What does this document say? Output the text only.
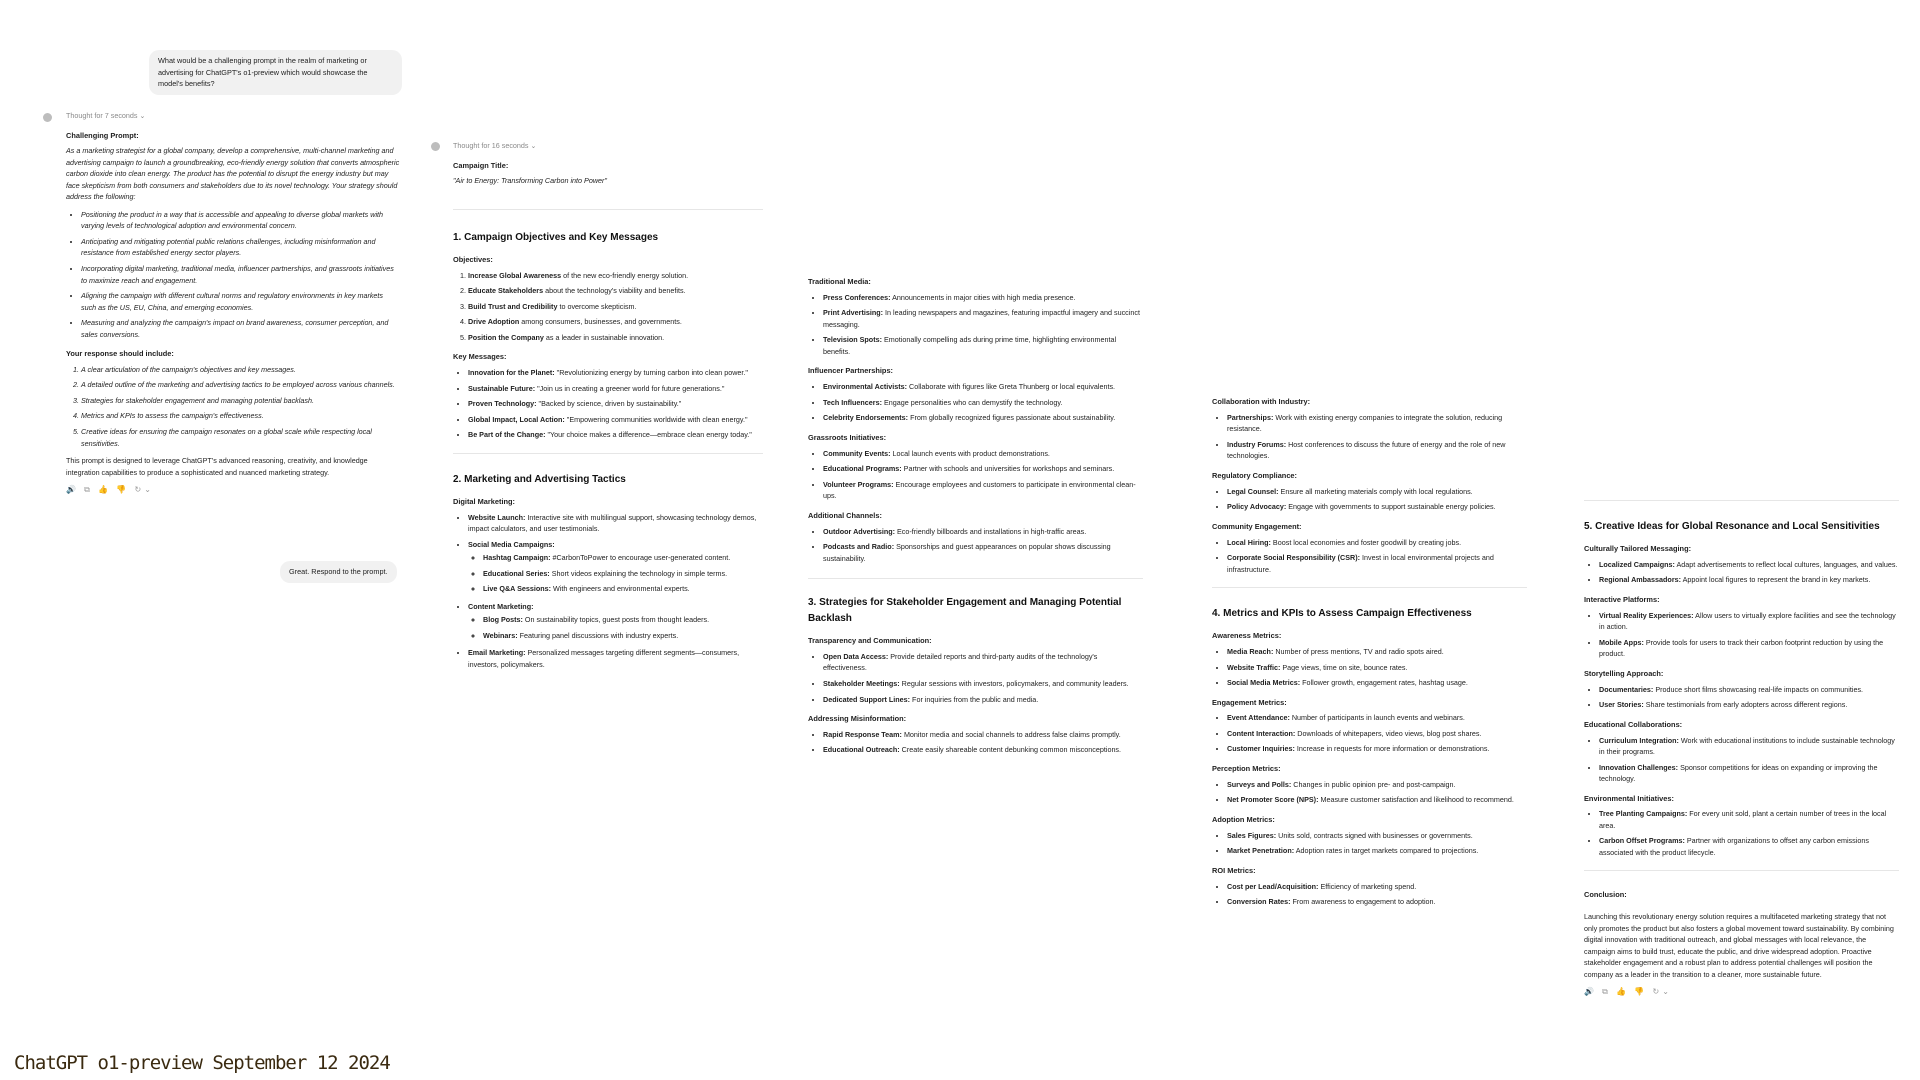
What would be a challenging prompt in the realm of marketing or advertising for ChatGPT's o1-preview which would showcase the model's benefits?
Thought for 7 seconds ⌄
Challenging Prompt:

As a marketing strategist for a global company, develop a comprehensive, multi-channel marketing and advertising campaign to launch a groundbreaking, eco-friendly energy solution that converts atmospheric carbon dioxide into clean energy. The product has the potential to disrupt the energy industry but may face skepticism from both consumers and stakeholders due to its novel technology. Your strategy should address the following:

• Positioning the product in a way that is accessible and appealing to diverse global markets with varying levels of technological adoption and environmental concern.
• Anticipating and mitigating potential public relations challenges, including misinformation and resistance from established energy sector players.
• Incorporating digital marketing, traditional media, influencer partnerships, and grassroots initiatives to maximize reach and engagement.
• Aligning the campaign with different cultural norms and regulatory environments in key markets such as the US, EU, China, and emerging economies.
• Measuring and analyzing the campaign's impact on brand awareness, consumer perception, and sales conversions.
Your response should include:
1. A clear articulation of the campaign's objectives and key messages.
2. A detailed outline of the marketing and advertising tactics to be employed across various channels.
3. Strategies for stakeholder engagement and managing potential backlash.
4. Metrics and KPIs to assess the campaign's effectiveness.
5. Creative ideas for ensuring the campaign resonates on a global scale while respecting local sensitivities.

This prompt is designed to leverage ChatGPT's advanced reasoning, creativity, and knowledge integration capabilities to produce a sophisticated and nuanced marketing strategy.

🔊 ⧉ 👍 👎 ↻⌄
Great. Respond to the prompt.
Thought for 16 seconds ⌄
Campaign Title:
"Air to Energy: Transforming Carbon into Power"
1. Campaign Objectives and Key Messages
Objectives:
1. Increase Global Awareness of the new eco-friendly energy solution.
2. Educate Stakeholders about the technology's viability and benefits.
3. Build Trust and Credibility to overcome skepticism.
4. Drive Adoption among consumers, businesses, and governments.
5. Position the Company as a leader in sustainable innovation.
Key Messages:
• Innovation for the Planet: "Revolutionizing energy by turning carbon into clean power."
• Sustainable Future: "Join us in creating a greener world for future generations."
• Proven Technology: "Backed by science, driven by sustainability."
• Global Impact, Local Action: "Empowering communities worldwide with clean energy."
• Be Part of the Change: "Your choice makes a difference—embrace clean energy today."
2. Marketing and Advertising Tactics
Digital Marketing:
• Website Launch: Interactive site with multilingual support, showcasing technology demos, impact calculators, and user testimonials.
• Social Media Campaigns:
◦ Hashtag Campaign: #CarbonToPower to encourage user-generated content.
◦ Educational Series: Short videos explaining the technology in simple terms.
◦ Live Q&A Sessions: With engineers and environmental experts.
• Content Marketing:
◦ Blog Posts: On sustainability topics, guest posts from thought leaders.
◦ Webinars: Featuring panel discussions with industry experts.
• Email Marketing: Personalized messages targeting different segments—consumers, investors, policymakers.
Traditional Media:
• Press Conferences: Announcements in major cities with high media presence.
• Print Advertising: In leading newspapers and magazines, featuring impactful imagery and succinct messaging.
• Television Spots: Emotionally compelling ads during prime time, highlighting environmental benefits.
Influencer Partnerships:
• Environmental Activists: Collaborate with figures like Greta Thunberg or local equivalents.
• Tech Influencers: Engage personalities who can demystify the technology.
• Celebrity Endorsements: From globally recognized figures passionate about sustainability.
Grassroots Initiatives:
• Community Events: Local launch events with product demonstrations.
• Educational Programs: Partner with schools and universities for workshops and seminars.
• Volunteer Programs: Encourage employees and customers to participate in environmental clean-ups.
Additional Channels:
• Outdoor Advertising: Eco-friendly billboards and installations in high-traffic areas.
• Podcasts and Radio: Sponsorships and guest appearances on popular shows discussing sustainability.
3. Strategies for Stakeholder Engagement and Managing Potential Backlash
Transparency and Communication:
• Open Data Access: Provide detailed reports and third-party audits of the technology's effectiveness.
• Stakeholder Meetings: Regular sessions with investors, policymakers, and community leaders.
• Dedicated Support Lines: For inquiries from the public and media.
Addressing Misinformation:
• Rapid Response Team: Monitor media and social channels to address false claims promptly.
• Educational Outreach: Create easily shareable content debunking common misconceptions.
Collaboration with Industry:
• Partnerships: Work with existing energy companies to integrate the solution, reducing resistance.
• Industry Forums: Host conferences to discuss the future of energy and the role of new technologies.
Regulatory Compliance:
• Legal Counsel: Ensure all marketing materials comply with local regulations.
• Policy Advocacy: Engage with governments to support sustainable energy policies.
Community Engagement:
• Local Hiring: Boost local economies and foster goodwill by creating jobs.
• Corporate Social Responsibility (CSR): Invest in local environmental projects and infrastructure.
4. Metrics and KPIs to Assess Campaign Effectiveness
Awareness Metrics:
• Media Reach: Number of press mentions, TV and radio spots aired.
• Website Traffic: Page views, time on site, bounce rates.
• Social Media Metrics: Follower growth, engagement rates, hashtag usage.
Engagement Metrics:
• Event Attendance: Number of participants in launch events and webinars.
• Content Interaction: Downloads of whitepapers, video views, blog post shares.
• Customer Inquiries: Increase in requests for more information or demonstrations.
Perception Metrics:
• Surveys and Polls: Changes in public opinion pre- and post-campaign.
• Net Promoter Score (NPS): Measure customer satisfaction and likelihood to recommend.
Adoption Metrics:
• Sales Figures: Units sold, contracts signed with businesses or governments.
• Market Penetration: Adoption rates in target markets compared to projections.
ROI Metrics:
• Cost per Lead/Acquisition: Efficiency of marketing spend.
• Conversion Rates: From awareness to engagement to adoption.
5. Creative Ideas for Global Resonance and Local Sensitivities
Culturally Tailored Messaging:
• Localized Campaigns: Adapt advertisements to reflect local cultures, languages, and values.
• Regional Ambassadors: Appoint local figures to represent the brand in key markets.
Interactive Platforms:
• Virtual Reality Experiences: Allow users to virtually explore facilities and see the technology in action.
• Mobile Apps: Provide tools for users to track their carbon footprint reduction by using the product.
Storytelling Approach:
• Documentaries: Produce short films showcasing real-life impacts on communities.
• User Stories: Share testimonials from early adopters across different regions.
Educational Collaborations:
• Curriculum Integration: Work with educational institutions to include sustainable technology in their programs.
• Innovation Challenges: Sponsor competitions for ideas on expanding or improving the technology.
Environmental Initiatives:
• Tree Planting Campaigns: For every unit sold, plant a certain number of trees in the local area.
• Carbon Offset Programs: Partner with organizations to offset any carbon emissions associated with the product lifecycle.
Conclusion:

Launching this revolutionary energy solution requires a multifaceted marketing strategy that not only promotes the product but also fosters a global movement toward sustainability. By combining digital innovation with traditional outreach, and global messages with local relevance, the campaign aims to build trust, educate the public, and drive widespread adoption. Proactive stakeholder engagement and a robust plan to address potential challenges will position the company as a leader in the transition to a cleaner, more sustainable future.

🔊 ⧉ 👍 👎 ↻⌄
ChatGPT o1-preview September 12 2024
